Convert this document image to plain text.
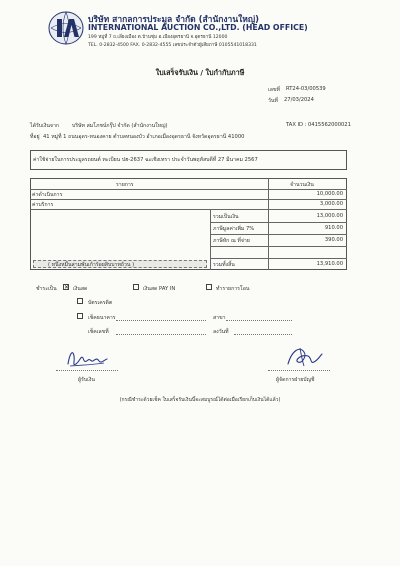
บริษัท สากลการประมูล จำกัด (สำนักงานใหญ่)
INTERNATIONAL AUCTION CO.,LTD. (HEAD OFFICE)
199 หมู่ที่ 7 ถ.เลี่ยงเมือง ต.บ้านชุ่ม อ.เมืองอุดรธานี จ.อุดรธานี 12000
TEL. 0-2832-4500 FAX. 0-2832-4555 เลขประจำตัวผู้เสียภาษี 0105541018331
ใบเสร็จรับเงิน / ใบกำกับภาษี
เลขที่ RT24-03/00539
วันที่ 27/03/2024
ได้รับเงินจาก บริษัท สมโภชน์กรุ๊ป จำกัด (สำนักงานใหญ่)	TAX ID : 0415562000021
ที่อยู่ 41 หมู่ที่ 1 ถนนอุดร-หนองคาย ตำบลหนองบัว อำเภอเมืองอุดรธานี จังหวัดอุดรธานี 41000
ค่าใช้จ่ายในการประมูลรถยนต์ ทะเบียน ปฮ-2637 ฉะเชิงเทรา ประจำวันพฤหัสบดีที่ 27 มีนาคม 2567
รายการ	จำนวนเงิน
ค่าดำเนินการ	10,000.00
ค่าบริการ	3,000.00
รวมเป็นเงิน	13,000.00
ภาษีมูลค่าเพิ่ม 7%	910.00
ภาษีหัก ณ ที่จ่าย	390.00
( หนึ่งหมื่นสามพันเก้าร้อยสิบบาทถ้วน )	รวมทั้งสิ้น	13,910.00
ชำระเป็น ✕ เงินสด	เงินสด PAY IN	ทำรายการโอน
บัตรเครดิต
เช็คธนาคาร	สาขา
เช็คเลขที่	ลงวันที่
ผู้รับเงิน	ผู้จัดการฝ่ายบัญชี
(กรณีชำระด้วยเช็ค ใบเสร็จรับเงินนี้จะสมบูรณ์ได้ต่อเมื่อเรียกเก็บเงินได้แล้ว)
